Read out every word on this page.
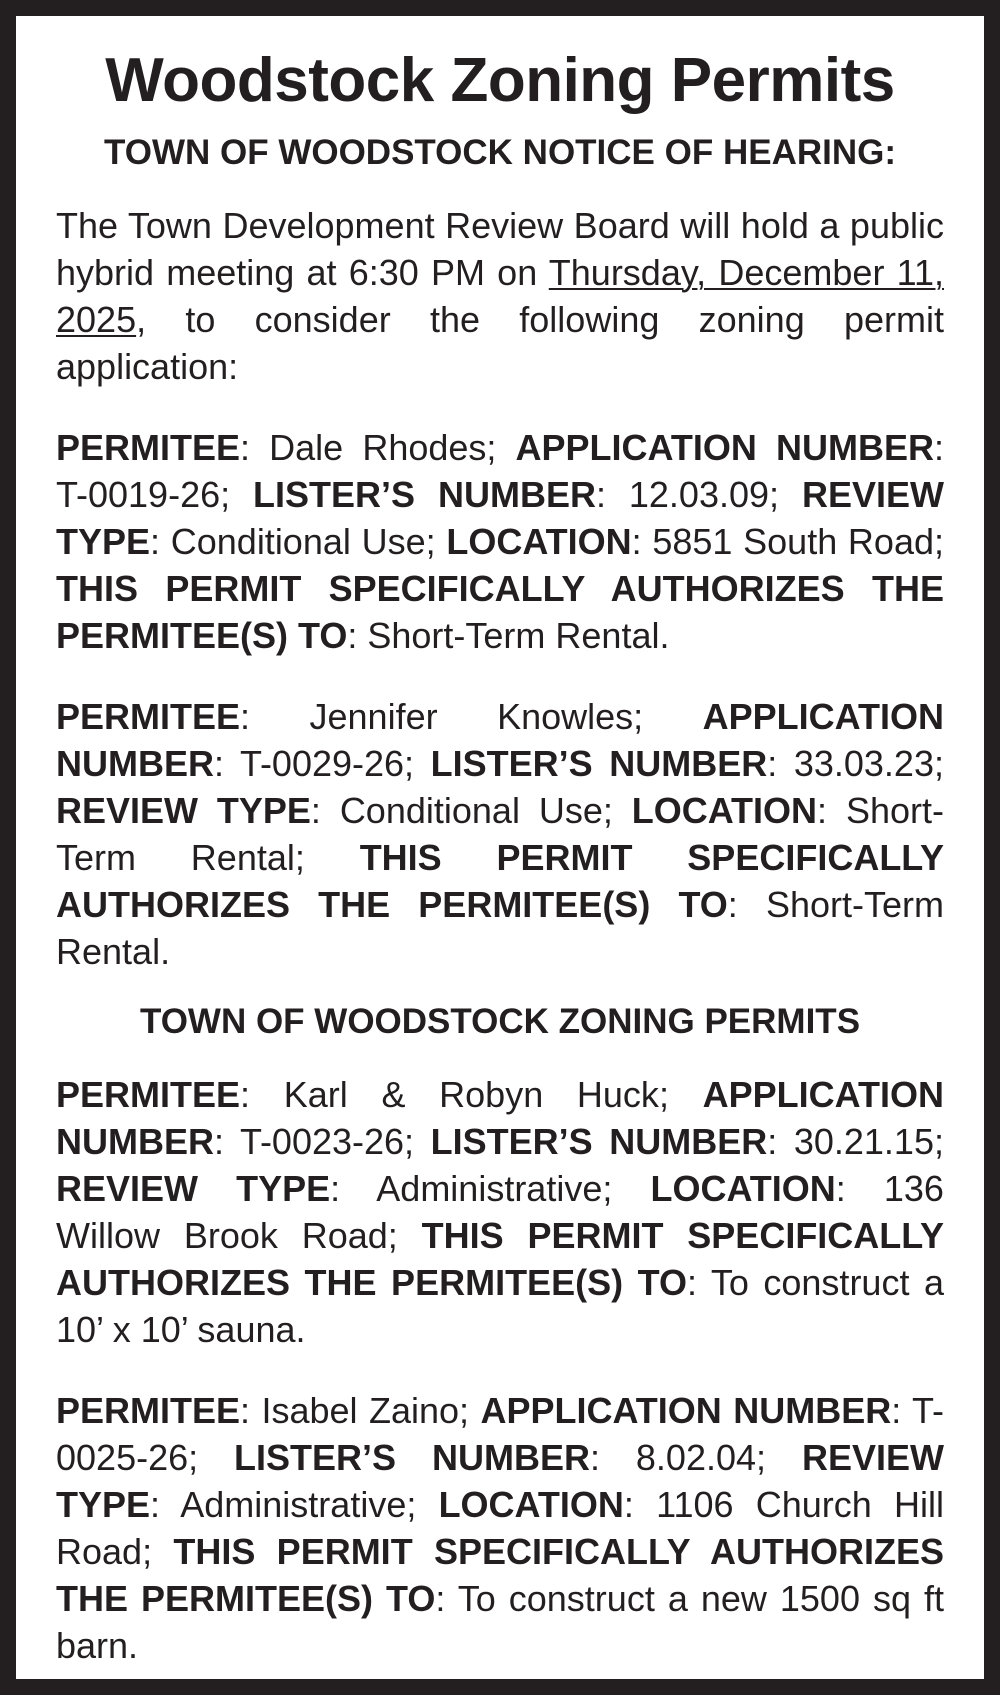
Woodstock Zoning Permits
TOWN OF WOODSTOCK NOTICE OF HEARING:

The Town Development Review Board will hold a public hybrid meeting at 6:30 PM on Thursday, December 11, 2025, to consider the following zoning permit application:

PERMITEE: Dale Rhodes; APPLICATION NUMBER: T-0019-26; LISTER’S NUMBER: 12.03.09; REVIEW TYPE: Conditional Use; LOCATION: 5851 South Road; THIS PERMIT SPECIFICALLY AUTHORIZES THE PERMITEE(S) TO: Short-Term Rental.

PERMITEE: Jennifer Knowles; APPLICATION NUMBER: T-0029-26; LISTER’S NUMBER: 33.03.23; REVIEW TYPE: Conditional Use; LOCATION: Short-Term Rental; THIS PERMIT SPECIFICALLY AUTHORIZES THE PERMITEE(S) TO: Short-Term Rental.

TOWN OF WOODSTOCK ZONING PERMITS

PERMITEE: Karl & Robyn Huck; APPLICATION NUMBER: T-0023-26; LISTER’S NUMBER: 30.21.15; REVIEW TYPE: Administrative; LOCATION: 136 Willow Brook Road; THIS PERMIT SPECIFICALLY AUTHORIZES THE PERMITEE(S) TO: To construct a 10’ x 10’ sauna.

PERMITEE: Isabel Zaino; APPLICATION NUMBER: T-0025-26; LISTER’S NUMBER: 8.02.04; REVIEW TYPE: Administrative; LOCATION: 1106 Church Hill Road; THIS PERMIT SPECIFICALLY AUTHORIZES THE PERMITEE(S) TO: To construct a new 1500 sq ft barn.
